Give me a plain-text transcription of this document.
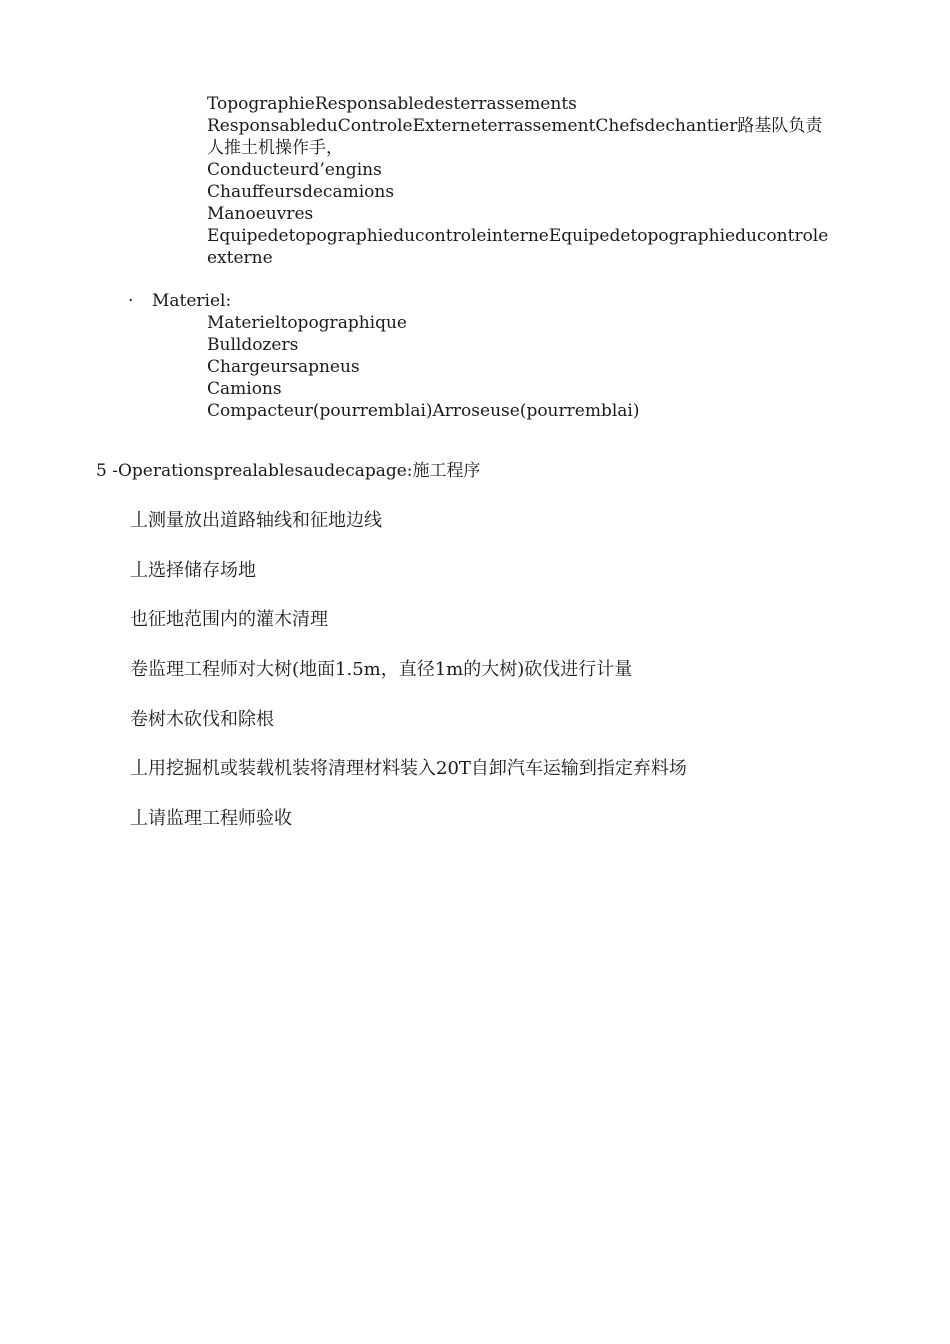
TopographieResponsabledesterrassements
ResponsableduControleExterneterrassementChefsdechantier路基队负责人推土机操作手，
Conducteurd’engins
Chauffeursdecamions
Manoeuvres
EquipedetopographieducontroleinterneEquipedetopographieducontroleexterne
· Materiel:
Materieltopographique
Bulldozers
Chargeursapneus
Camions
Compacteur(pourremblai)Arroseuse(pourremblai)
5 -Operationsprealablesaudecapage:施工程序
丄测量放出道路轴线和征地边线
丄选择储存场地
也征地范围内的灌木清理
卷监理工程师对大树(地面1.5m，直径1m的大树)砍伐进行计量
卷树木砍伐和除根
丄用挖掘机或装载机装将清理材料装入20T自卸汽车运输到指定弃料场
丄请监理工程师验收
